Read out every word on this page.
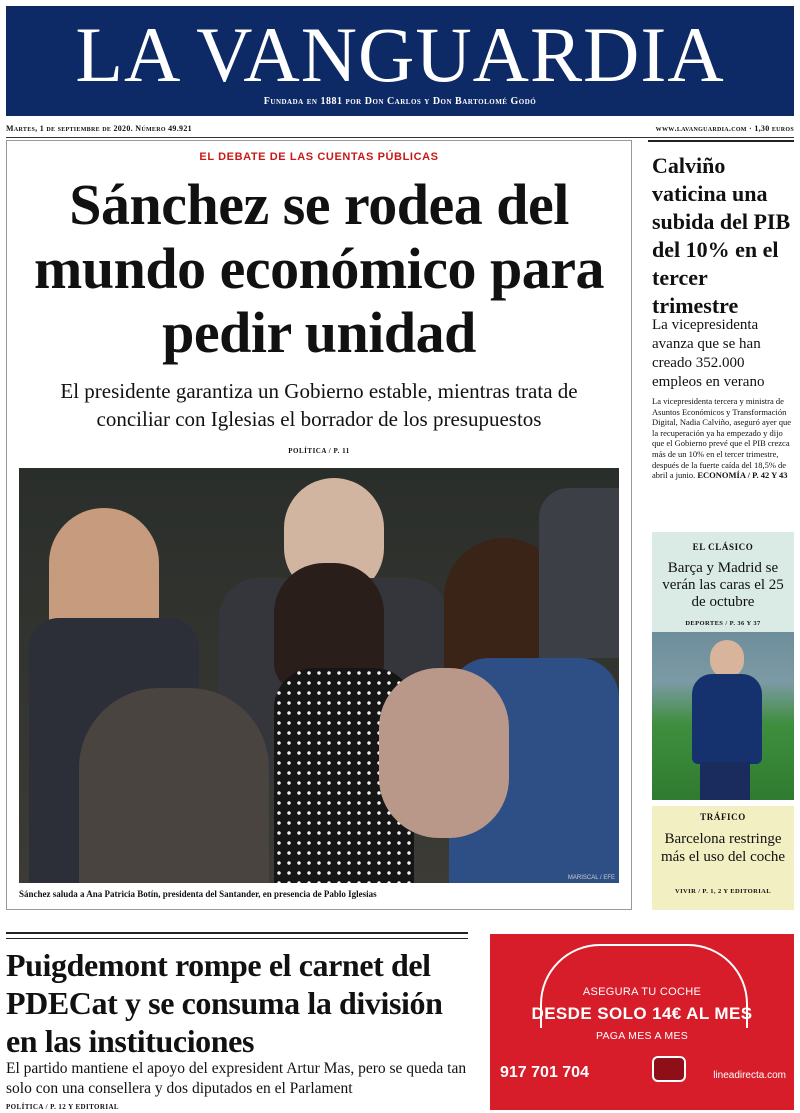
LA VANGUARDIA
Fundada en 1881 por Don Carlos y Don Bartolomé Godó
Martes, 1 de septiembre de 2020. Número 49.921	www.lavanguardia.com · 1,30 euros
EL DEBATE DE LAS CUENTAS PÚBLICAS
Sánchez se rodea del mundo económico para pedir unidad

El presidente garantiza un Gobierno estable, mientras trata de conciliar con Iglesias el borrador de los presupuestos

POLÍTICA / P. 11
MARISCAL / EFE
Sánchez saluda a Ana Patricia Botín, presidenta del Santander, en presencia de Pablo Iglesias
Calviño vaticina una subida del PIB del 10% en el tercer trimestre

La vicepresidenta avanza que se han creado 352.000 empleos en verano

La vicepresidenta tercera y ministra de Asuntos Económicos y Transformación Digital, Nadia Calviño, aseguró ayer que la recuperación ya ha empezado y dijo que el Gobierno prevé que el PIB crezca más de un 10% en el tercer trimestre, después de la fuerte caída del 18,5% de abril a junio. ECONOMÍA / P. 42 Y 43

EL CLÁSICO
Barça y Madrid se verán las caras el 25 de octubre
DEPORTES / P. 36 Y 37
TRÁFICO
Barcelona restringe más el uso del coche
VIVIR / P. 1, 2 Y EDITORIAL
Puigdemont rompe el carnet del PDECat y se consuma la división en las instituciones

El partido mantiene el apoyo del expresident Artur Mas, pero se queda tan solo con una consellera y dos diputados en el Parlament

POLÍTICA / P. 12 Y EDITORIAL
ASEGURA TU COCHE
DESDE SOLO 14€ AL MES
PAGA MES A MES
917 701 704	lineadirecta.com
